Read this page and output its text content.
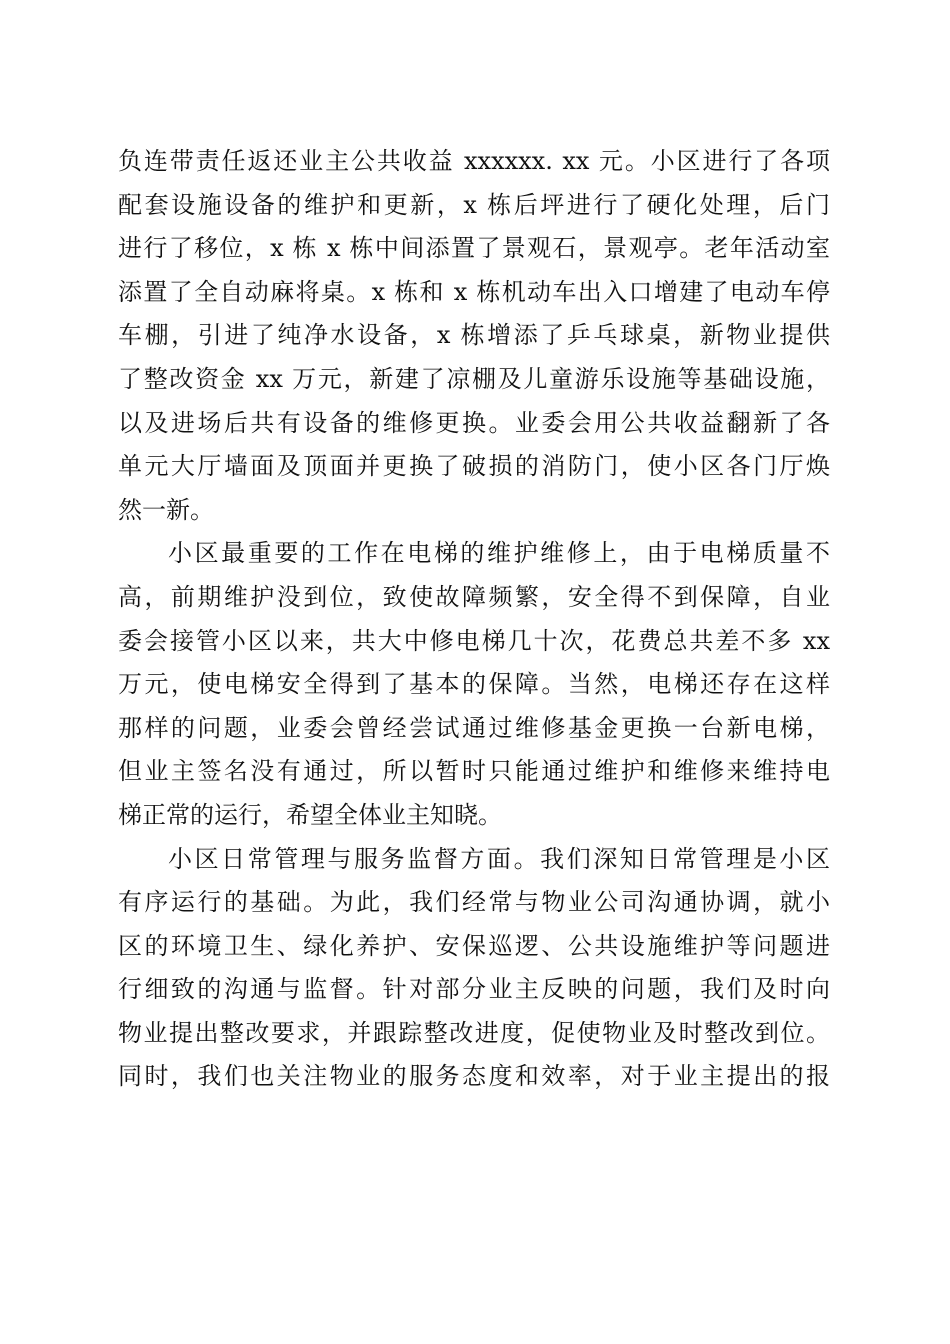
负连带责任返还业主公共收益 xxxxxx. xx 元。小区进行了各项
配套设施设备的维护和更新，x 栋后坪进行了硬化处理，后门
进行了移位，x 栋 x 栋中间添置了景观石，景观亭。老年活动室
添置了全自动麻将桌。x 栋和 x 栋机动车出入口增建了电动车停
车棚，引进了纯净水设备，x 栋增添了乒乓球桌，新物业提供
了整改资金 xx 万元，新建了凉棚及儿童游乐设施等基础设施，
以及进场后共有设备的维修更换。业委会用公共收益翻新了各
单元大厅墙面及顶面并更换了破损的消防门，使小区各门厅焕
然一新。
小区最重要的工作在电梯的维护维修上，由于电梯质量不
高，前期维护没到位，致使故障频繁，安全得不到保障，自业
委会接管小区以来，共大中修电梯几十次，花费总共差不多 xx
万元，使电梯安全得到了基本的保障。当然，电梯还存在这样
那样的问题，业委会曾经尝试通过维修基金更换一台新电梯，
但业主签名没有通过，所以暂时只能通过维护和维修来维持电
梯正常的运行，希望全体业主知晓。
小区日常管理与服务监督方面。我们深知日常管理是小区
有序运行的基础。为此，我们经常与物业公司沟通协调，就小
区的环境卫生、绿化养护、安保巡逻、公共设施维护等问题进
行细致的沟通与监督。针对部分业主反映的问题，我们及时向
物业提出整改要求，并跟踪整改进度，促使物业及时整改到位。
同时，我们也关注物业的服务态度和效率，对于业主提出的报
